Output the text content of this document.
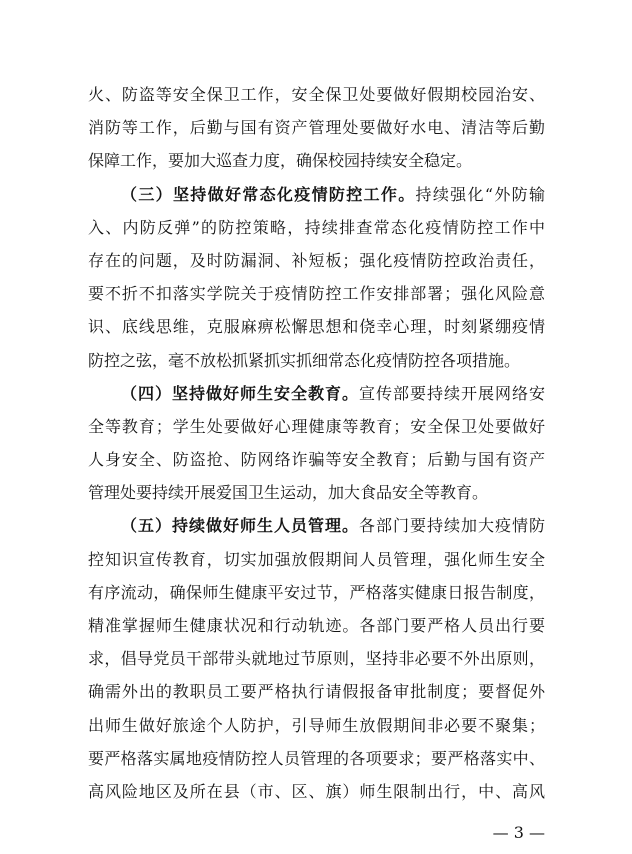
火、防盗等安全保卫工作，安全保卫处要做好假期校园治安、
消防等工作，后勤与国有资产管理处要做好水电、清洁等后勤
保障工作，要加大巡查力度，确保校园持续安全稳定。
（三）坚持做好常态化疫情防控工作。持续强化“外防输
入、内防反弹”的防控策略，持续排查常态化疫情防控工作中
存在的问题，及时防漏洞、补短板；强化疫情防控政治责任，
要不折不扣落实学院关于疫情防控工作安排部署；强化风险意
识、底线思维，克服麻痹松懈思想和侥幸心理，时刻紧绷疫情
防控之弦，毫不放松抓紧抓实抓细常态化疫情防控各项措施。
（四）坚持做好师生安全教育。宣传部要持续开展网络安
全等教育；学生处要做好心理健康等教育；安全保卫处要做好
人身安全、防盗抢、防网络诈骗等安全教育；后勤与国有资产
管理处要持续开展爱国卫生运动，加大食品安全等教育。
（五）持续做好师生人员管理。各部门要持续加大疫情防
控知识宣传教育，切实加强放假期间人员管理，强化师生安全
有序流动，确保师生健康平安过节，严格落实健康日报告制度，
精准掌握师生健康状况和行动轨迹。各部门要严格人员出行要
求，倡导党员干部带头就地过节原则，坚持非必要不外出原则，
确需外出的教职员工要严格执行请假报备审批制度；要督促外
出师生做好旅途个人防护，引导师生放假期间非必要不聚集；
要严格落实属地疫情防控人员管理的各项要求；要严格落实中、
高风险地区及所在县（市、区、旗）师生限制出行，中、高风
— 3 —
